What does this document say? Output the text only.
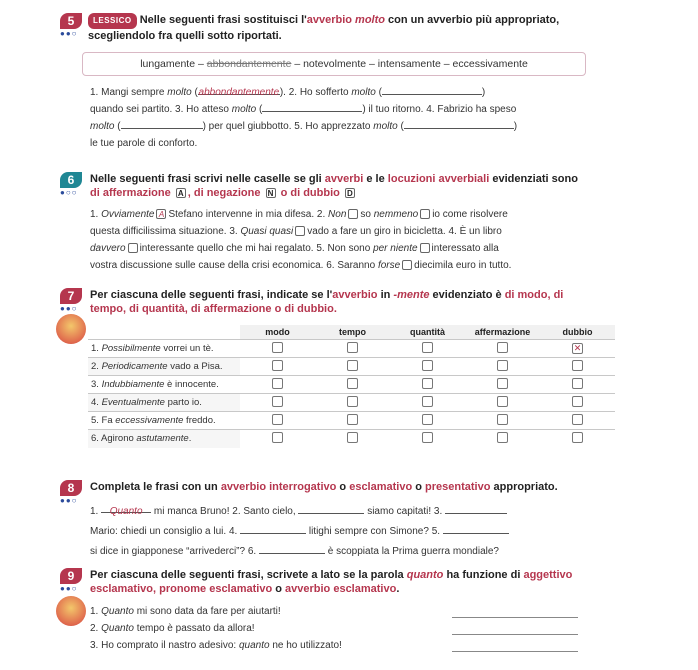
5
●●○
LESSICO Nelle seguenti frasi sostituisci l'avverbio molto con un avverbio più appropriato, scegliendolo fra quelli sotto riportati.
lungamente – abbondantemente – notevolmente – intensamente – eccessivamente
1. Mangi sempre molto (abbondantemente). 2. Ho sofferto molto (	)
quando sei partito. 3. Ho atteso molto (	) il tuo ritorno. 4. Fabrizio ha speso
molto (	) per quel giubbotto. 5. Ho apprezzato molto (	)
le tue parole di conforto.
6
●○○
Nelle seguenti frasi scrivi nelle caselle se gli avverbi e le locuzioni avverbiali evidenziati sono
di affermazione A , di negazione N o di dubbio D
1. Ovviamente A Stefano intervenne in mia difesa. 2. Non so nemmeno io come risolvere
questa difficilissima situazione. 3. Quasi quasi vado a fare un giro in bicicletta. 4. È un libro
davvero interessante quello che mi hai regalato. 5. Non sono per niente interessato alla
vostra discussione sulle cause della crisi economica. 6. Saranno forse diecimila euro in tutto.
7
●●○
Per ciascuna delle seguenti frasi, indicate se l'avverbio in -mente evidenziato è di modo, di
tempo, di quantità, di affermazione o di dubbio.
	modo	tempo	quantità	affermazione	dubbio
1. Possibilmente vorrei un tè.					✕
2. Periodicamente vado a Pisa.					
3. Indubbiamente è innocente.					
4. Eventualmente parto io.					
5. Fa eccessivamente freddo.					
6. Agirono astutamente.					
8
●●○
Completa le frasi con un avverbio interrogativo o esclamativo o presentativo appropriato.
1. Quanto mi manca Bruno! 2. Santo cielo,	siamo capitati! 3.
Mario: chiedi un consiglio a lui. 4.	litighi sempre con Simone? 5.
si dice in giapponese “arrivederci”? 6.	è scoppiata la Prima guerra mondiale?
9
●●○
Per ciascuna delle seguenti frasi, scrivete a lato se la parola quanto ha funzione di aggettivo
esclamativo, pronome esclamativo o avverbio esclamativo.
1. Quanto mi sono data da fare per aiutarti!
2. Quanto tempo è passato da allora!
3. Ho comprato il nastro adesivo: quanto ne ho utilizzato!
